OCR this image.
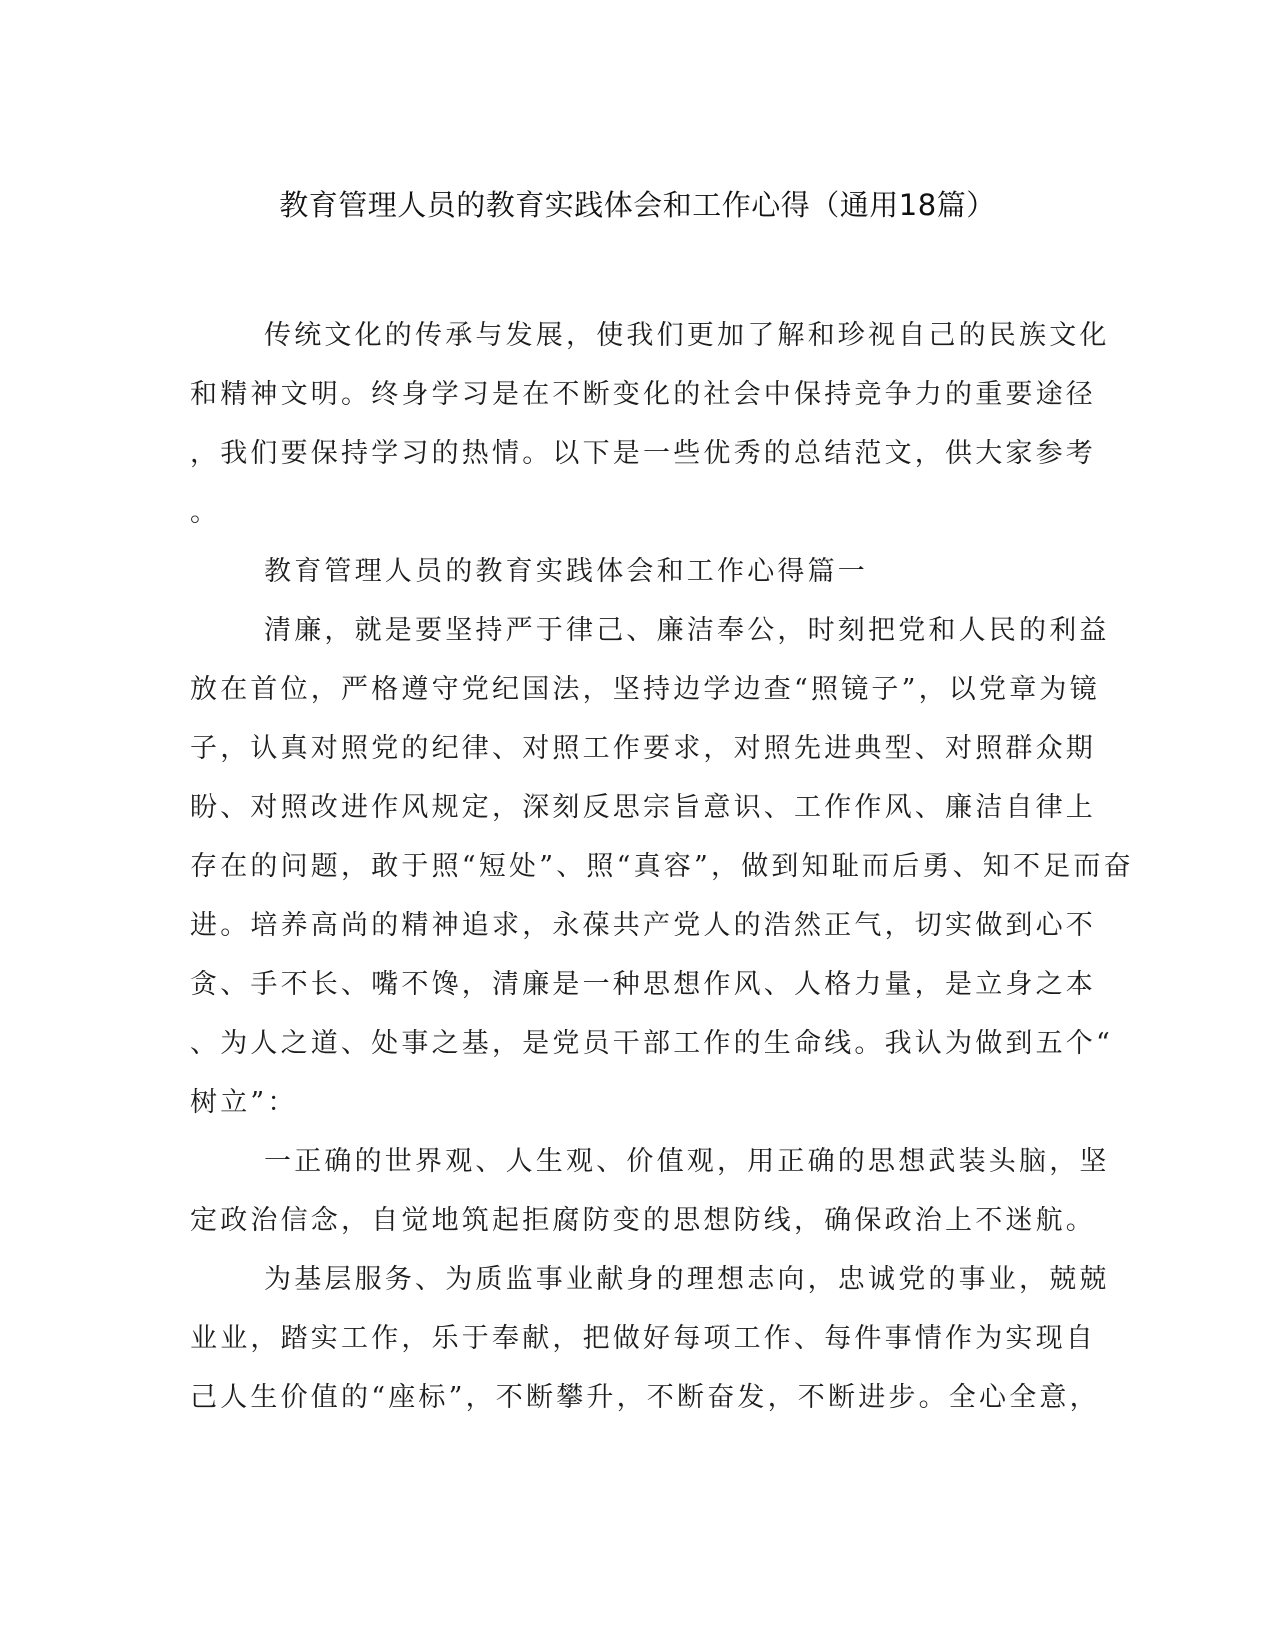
教育管理人员的教育实践体会和工作心得（通用18篇）
传统文化的传承与发展，使我们更加了解和珍视自己的民族文化
和精神文明。终身学习是在不断变化的社会中保持竞争力的重要途径
，我们要保持学习的热情。以下是一些优秀的总结范文，供大家参考
。
教育管理人员的教育实践体会和工作心得篇一
清廉，就是要坚持严于律己、廉洁奉公，时刻把党和人民的利益
放在首位，严格遵守党纪国法，坚持边学边查“照镜子”，以党章为镜
子，认真对照党的纪律、对照工作要求，对照先进典型、对照群众期
盼、对照改进作风规定，深刻反思宗旨意识、工作作风、廉洁自律上
存在的问题，敢于照“短处”、照“真容”，做到知耻而后勇、知不足而奋
进。培养高尚的精神追求，永葆共产党人的浩然正气，切实做到心不
贪、手不长、嘴不馋，清廉是一种思想作风、人格力量，是立身之本
、为人之道、处事之基，是党员干部工作的生命线。我认为做到五个“
树立”：
一正确的世界观、人生观、价值观，用正确的思想武装头脑，坚
定政治信念，自觉地筑起拒腐防变的思想防线，确保政治上不迷航。
为基层服务、为质监事业献身的理想志向，忠诚党的事业，兢兢
业业，踏实工作，乐于奉献，把做好每项工作、每件事情作为实现自
己人生价值的“座标”，不断攀升，不断奋发，不断进步。全心全意，
